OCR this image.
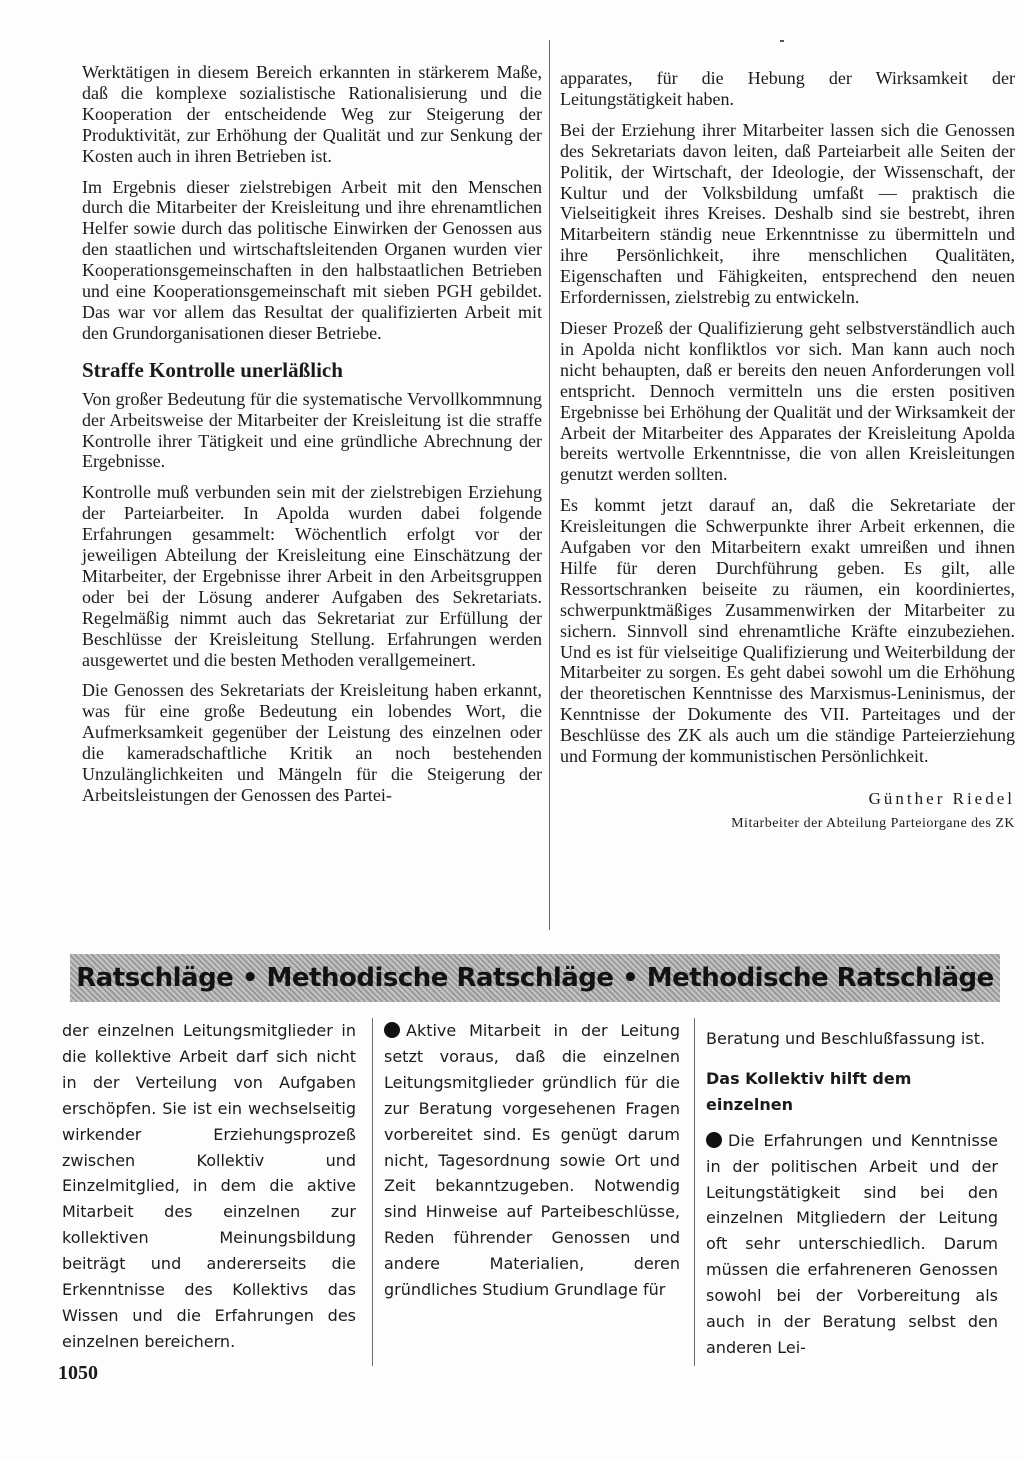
Werktätigen in diesem Bereich erkannten in stärkerem Maße, daß die komplexe sozialistische Rationalisierung und die Kooperation der entscheidende Weg zur Steigerung der Produktivität, zur Erhöhung der Qualität und zur Senkung der Kosten auch in ihren Betrieben ist.

Im Ergebnis dieser zielstrebigen Arbeit mit den Menschen durch die Mitarbeiter der Kreisleitung und ihre ehrenamtlichen Helfer sowie durch das politische Einwirken der Genossen aus den staatlichen und wirtschaftsleitenden Organen wurden vier Kooperationsgemeinschaften in den halbstaatlichen Betrieben und eine Kooperationsgemeinschaft mit sieben PGH gebildet. Das war vor allem das Resultat der qualifizierten Arbeit mit den Grundorganisationen dieser Betriebe.

Straffe Kontrolle unerläßlich

Von großer Bedeutung für die systematische Vervollkommnung der Arbeitsweise der Mitarbeiter der Kreisleitung ist die straffe Kontrolle ihrer Tätigkeit und eine gründliche Abrechnung der Ergebnisse.

Kontrolle muß verbunden sein mit der zielstrebigen Erziehung der Parteiarbeiter. In Apolda wurden dabei folgende Erfahrungen gesammelt: Wöchentlich erfolgt vor der jeweiligen Abteilung der Kreisleitung eine Einschätzung der Mitarbeiter, der Ergebnisse ihrer Arbeit in den Arbeitsgruppen oder bei der Lösung anderer Aufgaben des Sekretariats. Regelmäßig nimmt auch das Sekretariat zur Erfüllung der Beschlüsse der Kreisleitung Stellung. Erfahrungen werden ausgewertet und die besten Methoden verallgemeinert.

Die Genossen des Sekretariats der Kreisleitung haben erkannt, was für eine große Bedeutung ein lobendes Wort, die Aufmerksamkeit gegenüber der Leistung des einzelnen oder die kameradschaftliche Kritik an noch bestehenden Unzulänglichkeiten und Mängeln für die Steigerung der Arbeitsleistungen der Genossen des Partei-

apparates, für die Hebung der Wirksamkeit der Leitungstätigkeit haben.

Bei der Erziehung ihrer Mitarbeiter lassen sich die Genossen des Sekretariats davon leiten, daß Parteiarbeit alle Seiten der Politik, der Wirtschaft, der Ideologie, der Wissenschaft, der Kultur und der Volksbildung umfaßt — praktisch die Vielseitigkeit ihres Kreises. Deshalb sind sie bestrebt, ihren Mitarbeitern ständig neue Erkenntnisse zu übermitteln und ihre Persönlichkeit, ihre menschlichen Qualitäten, Eigenschaften und Fähigkeiten, entsprechend den neuen Erfordernissen, zielstrebig zu entwickeln.

Dieser Prozeß der Qualifizierung geht selbstverständlich auch in Apolda nicht konfliktlos vor sich. Man kann auch noch nicht behaupten, daß er bereits den neuen Anforderungen voll entspricht. Dennoch vermitteln uns die ersten positiven Ergebnisse bei Erhöhung der Qualität und der Wirksamkeit der Arbeit der Mitarbeiter des Apparates der Kreisleitung Apolda bereits wertvolle Erkenntnisse, die von allen Kreisleitungen genutzt werden sollten.

Es kommt jetzt darauf an, daß die Sekretariate der Kreisleitungen die Schwerpunkte ihrer Arbeit erkennen, die Aufgaben vor den Mitarbeitern exakt umreißen und ihnen Hilfe für deren Durchführung geben. Es gilt, alle Ressortschranken beiseite zu räumen, ein koordiniertes, schwerpunktmäßiges Zusammenwirken der Mitarbeiter zu sichern. Sinnvoll sind ehrenamtliche Kräfte einzubeziehen. Und es ist für vielseitige Qualifizierung und Weiterbildung der Mitarbeiter zu sorgen. Es geht dabei sowohl um die Erhöhung der theoretischen Kenntnisse des Marxismus-Leninismus, der Kenntnisse der Dokumente des VII. Parteitages und der Beschlüsse des ZK als auch um die ständige Parteierziehung und Formung der kommunistischen Persönlichkeit.

Günther Riedel
Mitarbeiter der Abteilung Parteiorgane des ZK
Ratschläge • Methodische Ratschläge • Methodische Ratschläge

der einzelnen Leitungsmitglieder in die kollektive Arbeit darf sich nicht in der Verteilung von Aufgaben erschöpfen. Sie ist ein wechselseitig wirkender Erziehungsprozeß zwischen Kollektiv und Einzelmitglied, in dem die aktive Mitarbeit des einzelnen zur kollektiven Meinungsbildung beiträgt und andererseits die Erkenntnisse des Kollektivs das Wissen und die Erfahrungen des einzelnen bereichern.

Aktive Mitarbeit in der Leitung setzt voraus, daß die einzelnen Leitungsmitglieder gründlich für die zur Beratung vorgesehenen Fragen vorbereitet sind. Es genügt darum nicht, Tagesordnung sowie Ort und Zeit bekanntzugeben. Notwendig sind Hinweise auf Parteibeschlüsse, Reden führender Genossen und andere Materialien, deren gründliches Studium Grundlage für

Beratung und Beschlußfassung ist.

Das Kollektiv hilft dem einzelnen

Die Erfahrungen und Kenntnisse in der politischen Arbeit und der Leitungstätigkeit sind bei den einzelnen Mitgliedern der Leitung oft sehr unterschiedlich. Darum müssen die erfahreneren Genossen sowohl bei der Vorbereitung als auch in der Beratung selbst den anderen Lei-

1050
